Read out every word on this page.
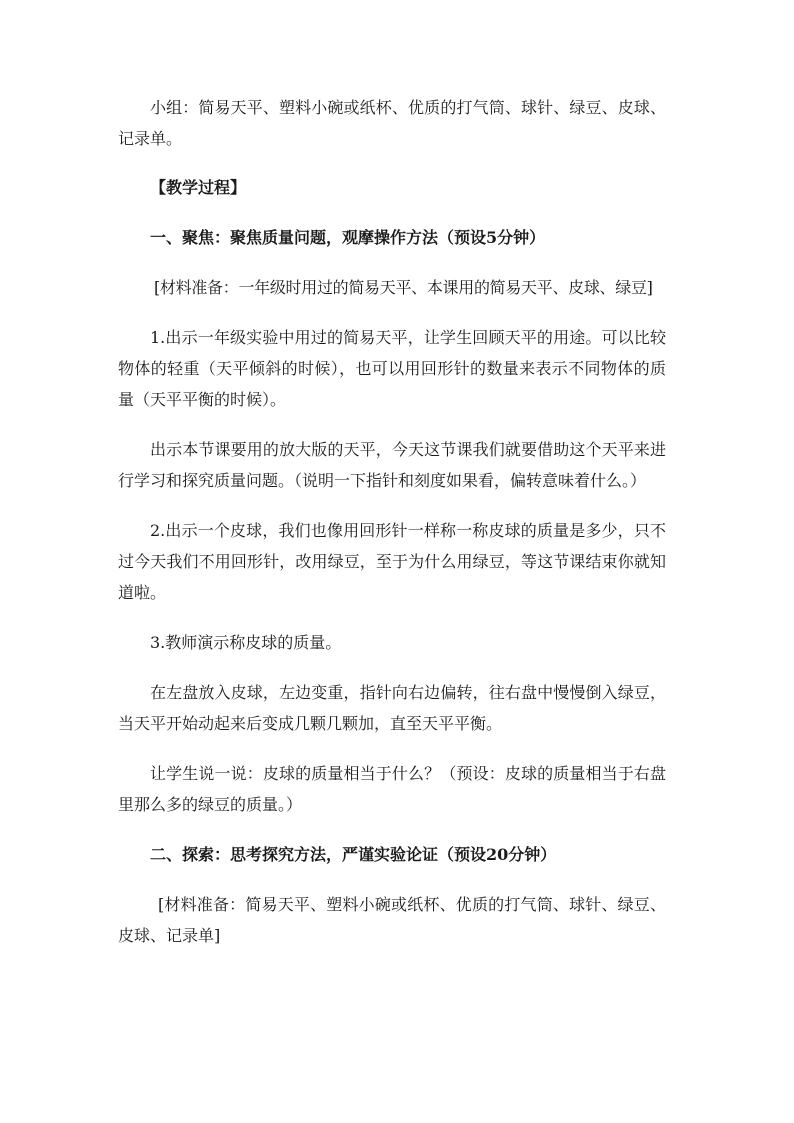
小组：简易天平、塑料小碗或纸杯、优质的打气筒、球针、绿豆、皮球、记录单。

【教学过程】

一、聚焦：聚焦质量问题，观摩操作方法（预设5分钟）

[材料准备：一年级时用过的简易天平、本课用的简易天平、皮球、绿豆]

1.出示一年级实验中用过的简易天平，让学生回顾天平的用途。可以比较物体的轻重（天平倾斜的时候），也可以用回形针的数量来表示不同物体的质量（天平平衡的时候）。

出示本节课要用的放大版的天平，今天这节课我们就要借助这个天平来进行学习和探究质量问题。（说明一下指针和刻度如果看，偏转意味着什么。）

2.出示一个皮球，我们也像用回形针一样称一称皮球的质量是多少，只不过今天我们不用回形针，改用绿豆，至于为什么用绿豆，等这节课结束你就知道啦。

3.教师演示称皮球的质量。

在左盘放入皮球，左边变重，指针向右边偏转，往右盘中慢慢倒入绿豆，当天平开始动起来后变成几颗几颗加，直至天平平衡。

让学生说一说：皮球的质量相当于什么？（预设：皮球的质量相当于右盘里那么多的绿豆的质量。）

二、探索：思考探究方法，严谨实验论证（预设20分钟）

[材料准备：简易天平、塑料小碗或纸杯、优质的打气筒、球针、绿豆、皮球、记录单]
